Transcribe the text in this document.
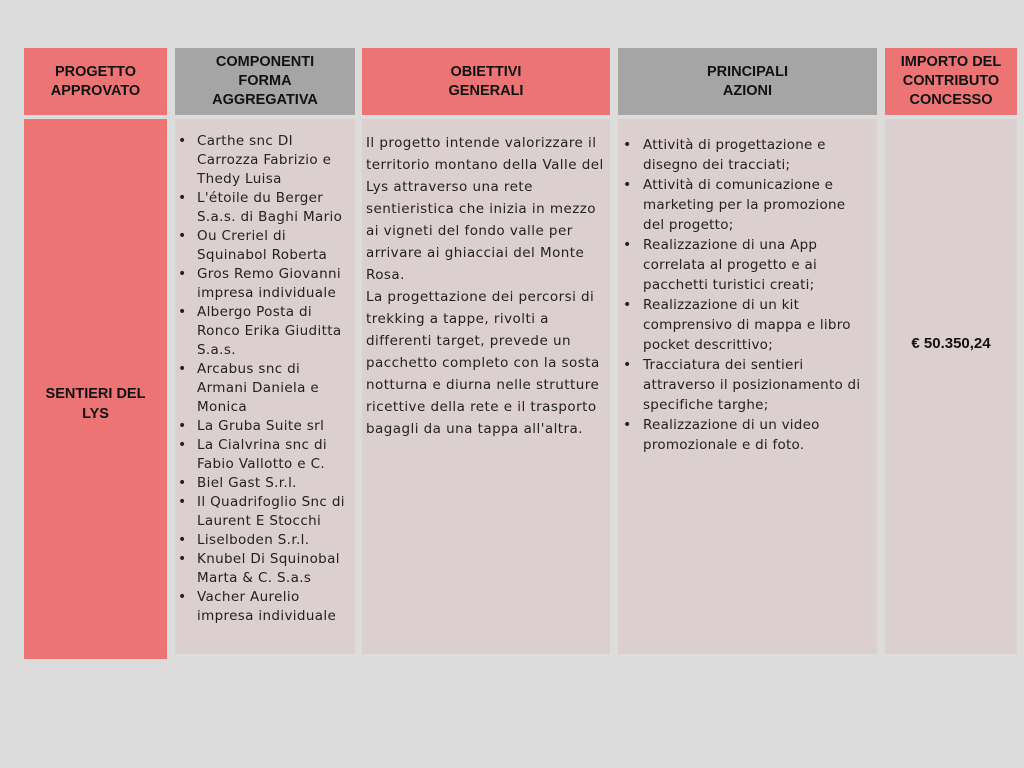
PROGETTO
APPROVATO
COMPONENTI
FORMA
AGGREGATIVA
OBIETTIVI
GENERALI
PRINCIPALI
AZIONI
IMPORTO DEL
CONTRIBUTO
CONCESSO
SENTIERI DEL
LYS
• Carthe snc DI Carrozza Fabrizio e Thedy Luisa
• L'étoile du Berger S.a.s. di Baghi Mario
• Ou Creriel di Squinabol Roberta
• Gros Remo Giovanni impresa individuale
• Albergo Posta di Ronco Erika Giuditta S.a.s.
• Arcabus snc di Armani Daniela e Monica
• La Gruba Suite srl
• La Cialvrina snc di Fabio Vallotto e C.
• Biel Gast S.r.l.
• Il Quadrifoglio Snc di Laurent E Stocchi
• Liselboden S.r.l.
• Knubel Di Squinobal Marta & C. S.a.s
• Vacher Aurelio impresa individuale

Il progetto intende valorizzare il territorio montano della Valle del Lys attraverso una rete sentieristica che inizia in mezzo ai vigneti del fondo valle per arrivare ai ghiacciai del Monte Rosa.

La progettazione dei percorsi di trekking a tappe, rivolti a differenti target, prevede un pacchetto completo con la sosta notturna e diurna nelle strutture ricettive della rete e il trasporto bagagli da una tappa all'altra.

• Attività di progettazione e disegno dei tracciati;
• Attività di comunicazione e marketing per la promozione del progetto;
• Realizzazione di una App correlata al progetto e ai pacchetti turistici creati;
• Realizzazione di un kit comprensivo di mappa e libro pocket descrittivo;
• Tracciatura dei sentieri attraverso il posizionamento di specifiche targhe;
• Realizzazione di un video promozionale e di foto.
€ 50.350,24
